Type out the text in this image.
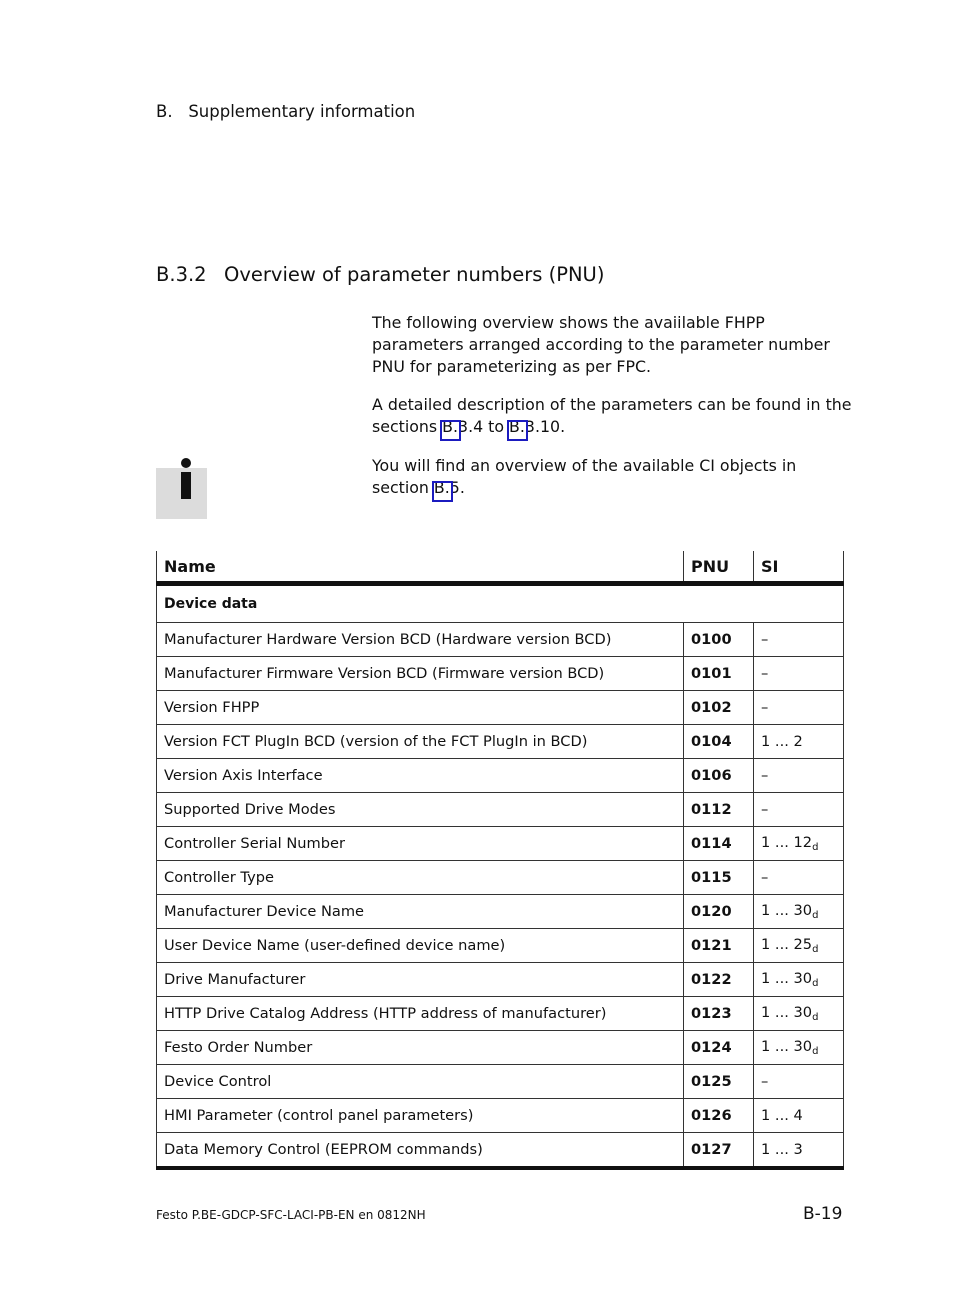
B. Supplementary information
B.3.2 Overview of parameter numbers (PNU)
The following overview shows the avaiilable FHPP parameters arranged according to the parameter number PNU for parameterizing as per FPC.
A detailed description of the parameters can be found in the sections
B.3.4 to
B.3.10.
You will find an overview of the available CI objects in section
B.5.
Name	PNU	SI
Device data		
Manufacturer Hardware Version BCD (Hardware version BCD)	0100	–
Manufacturer Firmware Version BCD (Firmware version BCD)	0101	–
Version FHPP	0102	–
Version FCT PlugIn BCD (version of the FCT PlugIn in BCD)	0104	1 ... 2
Version Axis Interface	0106	–
Supported Drive Modes	0112	–
Controller Serial Number	0114	1 ... $12_d$
Controller Type	0115	–
Manufacturer Device Name	0120	1 ... $30_d$
User Device Name (user-defined device name)	0121	1 ... $25_d$
Drive Manufacturer	0122	1 ... $30_d$
HTTP Drive Catalog Address (HTTP address of manufacturer)	0123	1 ... $30_d$
Festo Order Number	0124	1 ... $30_d$
Device Control	0125	–
HMI Parameter (control panel parameters)	0126	1 ... 4
Data Memory Control (EEPROM commands)	0127	1 ... 3
Festo P.BE-GDCP-SFC-LACI-PB-EN en 0812NH	B-19
